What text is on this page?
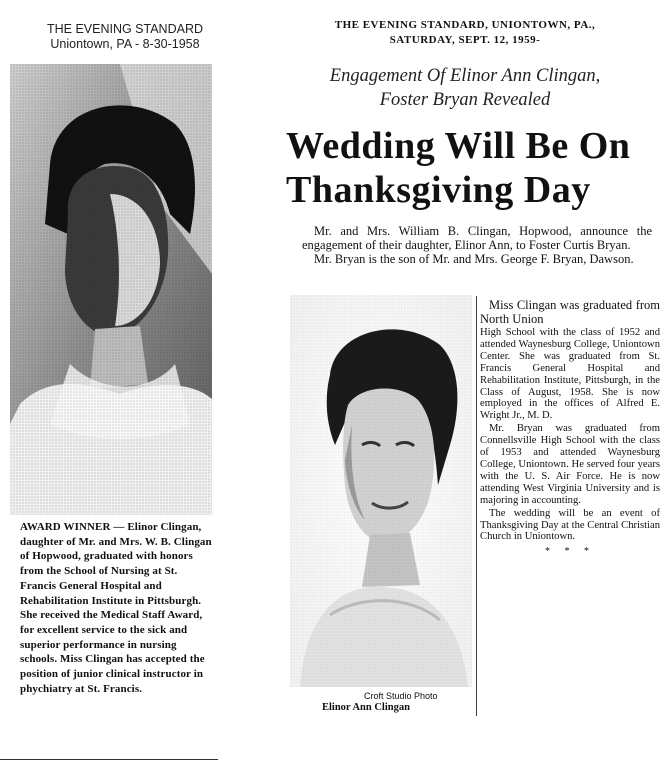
THE EVENING STANDARD
Uniontown, PA - 8-30-1958
AWARD WINNER — Elinor Clingan, daughter of Mr. and Mrs. W. B. Clingan of Hopwood, graduated with honors from the School of Nursing at St. Francis General Hospital and Rehabilitation Institute in Pittsburgh. She received the Medical Staff Award, for excellent service to the sick and superior performance in nursing schools. Miss Clingan has accepted the position of junior clinical instructor in phychiatry at St. Francis.
THE EVENING STANDARD, UNIONTOWN, PA.,
SATURDAY, SEPT. 12, 1959-
Engagement Of Elinor Ann Clingan,
Foster Bryan Revealed
Wedding Will Be On
Thanksgiving Day

Mr. and Mrs. William B. Clingan, Hopwood, announce the engagement of their daughter, Elinor Ann, to Foster Curtis Bryan.

Mr. Bryan is the son of Mr. and Mrs. George F. Bryan, Dawson.

Croft Studio Photo
Elinor Ann Clingan

Miss Clingan was graduated from North Union

High School with the class of 1952 and attended Waynesburg College, Uniontown Center. She was graduated from St. Francis General Hospital and Rehabilitation Institute, Pittsburgh, in the Class of August, 1958. She is now employed in the offices of Alfred E. Wright Jr., M. D.

Mr. Bryan was graduated from Connellsville High School with the class of 1953 and attended Waynesburg College, Uniontown. He served four years with the U. S. Air Force. He is now attending West Virginia University and is majoring in accounting.

The wedding will be an event of Thanksgiving Day at the Central Christian Church in Uniontown.

* * *
